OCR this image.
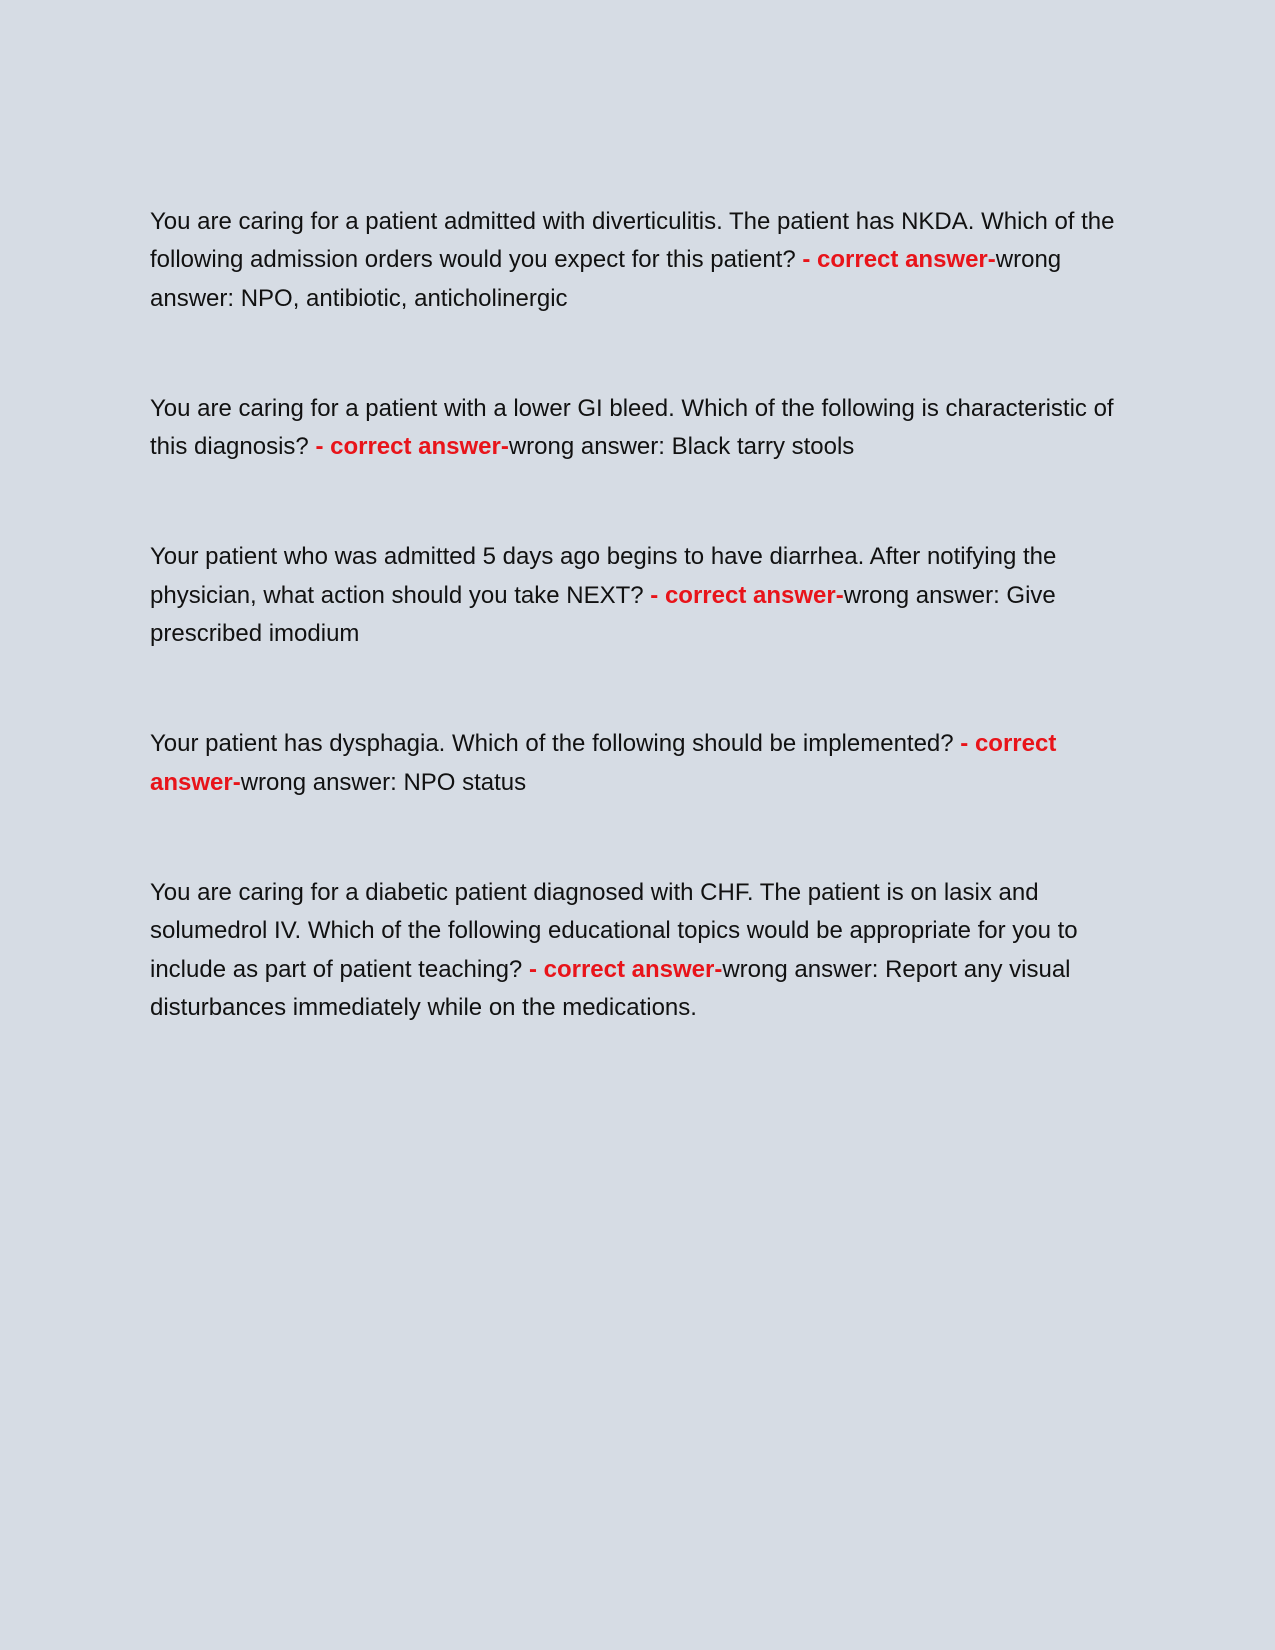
You are caring for a patient admitted with diverticulitis. The patient has NKDA. Which of the following admission orders would you expect for this patient? - correct answer-wrong answer: NPO, antibiotic, anticholinergic

You are caring for a patient with a lower GI bleed. Which of the following is characteristic of this diagnosis? - correct answer-wrong answer: Black tarry stools

Your patient who was admitted 5 days ago begins to have diarrhea. After notifying the physician, what action should you take NEXT? - correct answer-wrong answer: Give prescribed imodium

Your patient has dysphagia. Which of the following should be implemented? - correct answer-wrong answer: NPO status

You are caring for a diabetic patient diagnosed with CHF. The patient is on lasix and solumedrol IV. Which of the following educational topics would be appropriate for you to include as part of patient teaching? - correct answer-wrong answer: Report any visual disturbances immediately while on the medications.
